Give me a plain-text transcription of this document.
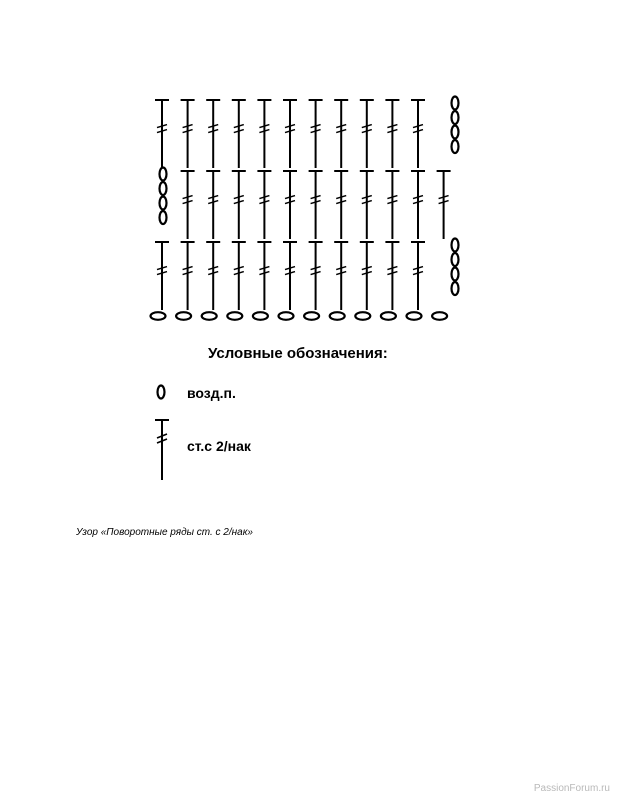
Условные обозначения:
возд.п.
ст.с 2/нак
Узор «Поворотные ряды ст. с 2/нак»
PassionForum.ru
